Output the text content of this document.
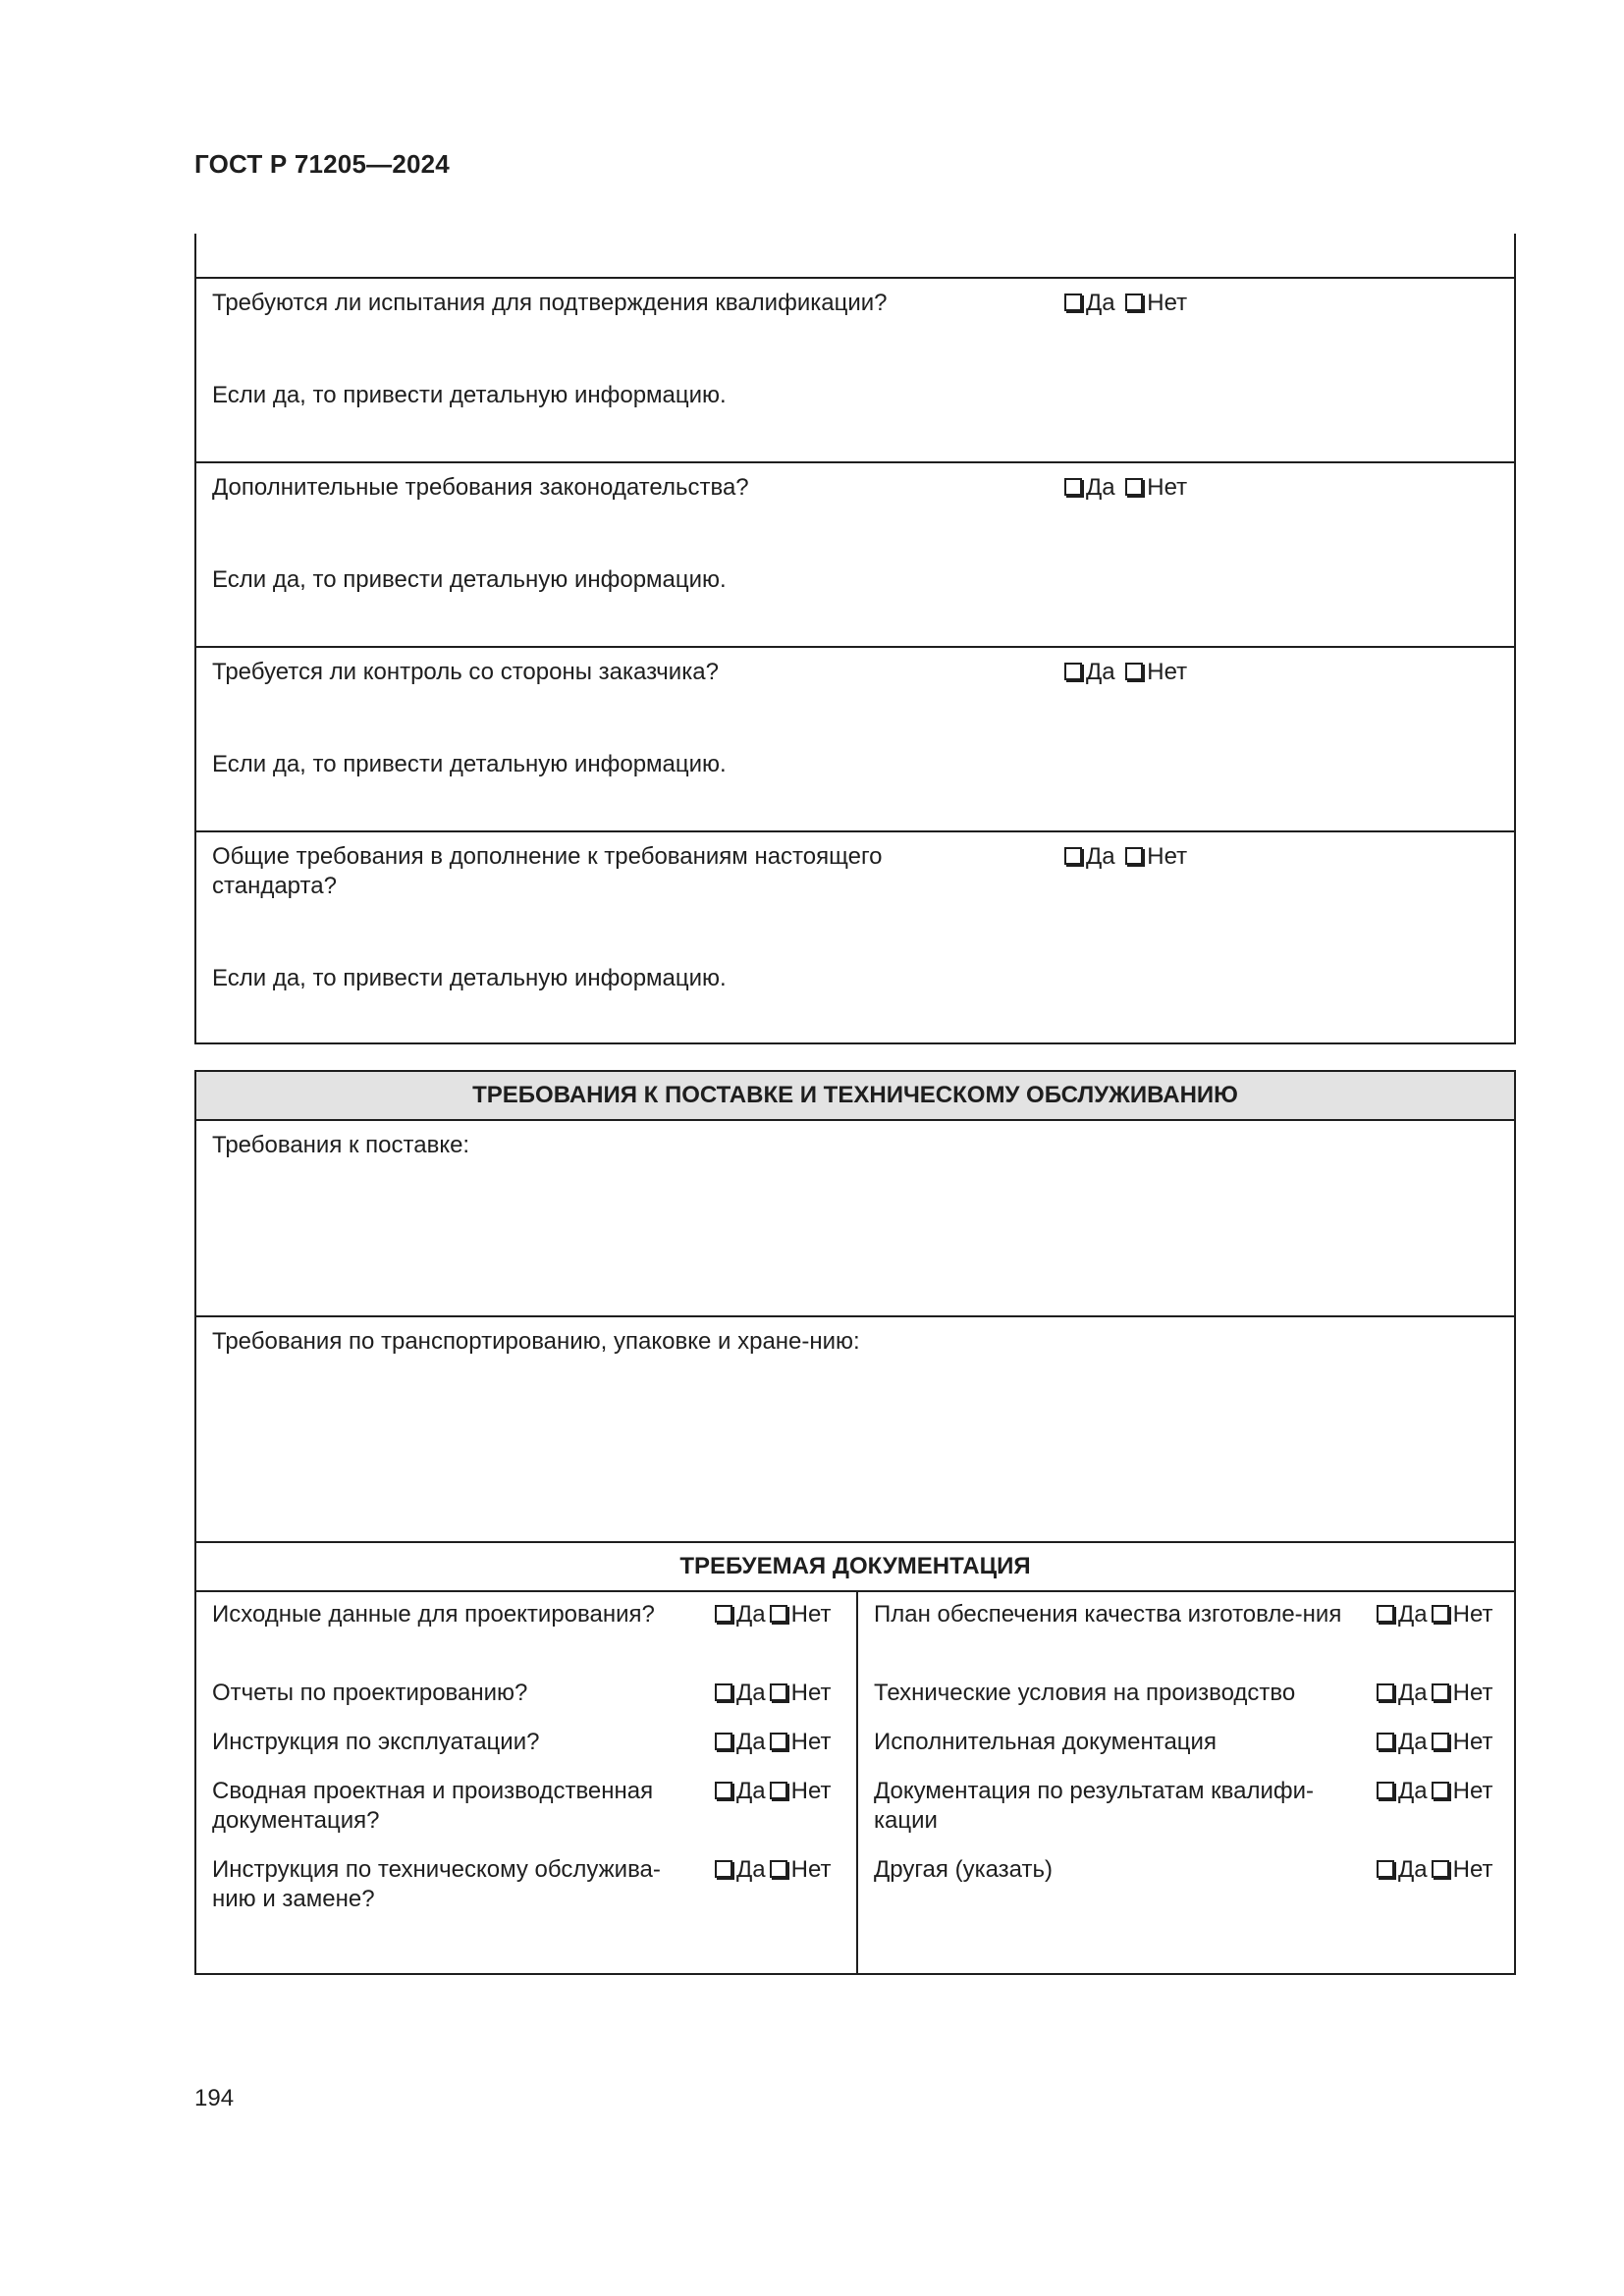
ГОСТ Р 71205—2024
Требуются ли испытания для подтверждения квалификации?	Да Нет
Если да, то привести детальную информацию.
Дополнительные требования законодательства?	Да Нет
Если да, то привести детальную информацию.
Требуется ли контроль со стороны заказчика?	Да Нет
Если да, то привести детальную информацию.
Общие требования в дополнение к требованиям настоящего стандарта?
Да Нет
Если да, то привести детальную информацию.
ТРЕБОВАНИЯ К ПОСТАВКЕ И ТЕХНИЧЕСКОМУ ОБСЛУЖИВАНИЮ
Требования к поставке:
Требования по транспортированию, упаковке и хране-нию:
ТРЕБУЕМАЯ ДОКУМЕНТАЦИЯ
Исходные данные для проектирования?	Да Нет
Отчеты по проектированию?	Да Нет
Инструкция по эксплуатации?	Да Нет
Сводная проектная и производственная документация?
Да Нет
Инструкция по техническому обслужива-нию и замене?
Да Нет
План обеспечения качества изготовле-ния	Да Нет
Технические условия на производство	Да Нет
Исполнительная документация	Да Нет
Документация по результатам квалифи-кации
Да Нет
Другая (указать)	Да Нет
194
